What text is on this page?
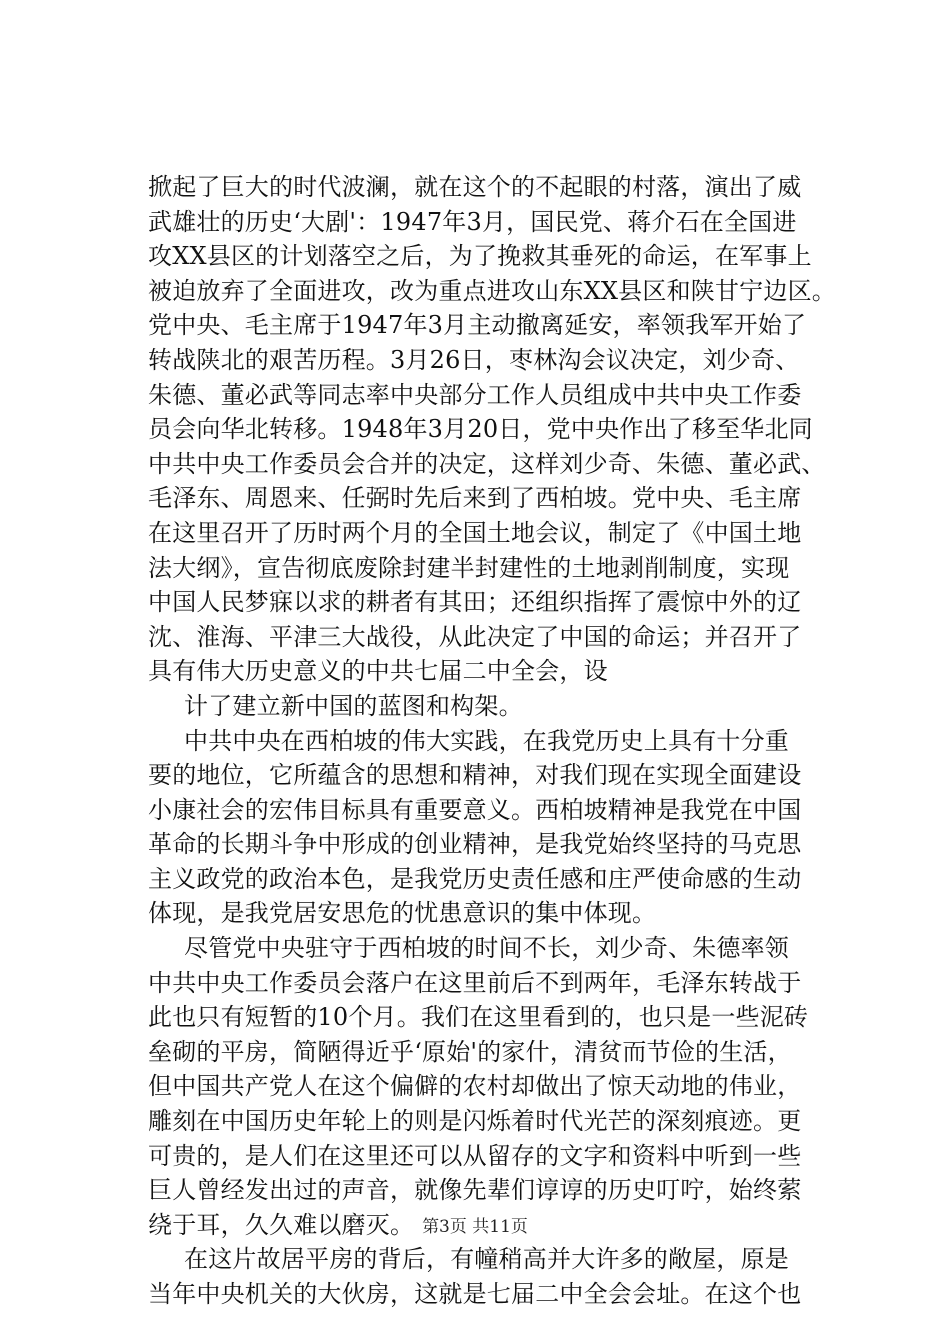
掀起了巨大的时代波澜，就在这个的不起眼的村落，演出了威
武雄壮的历史‘大剧'：1947年3月，国民党、蒋介石在全国进
攻XX县区的计划落空之后，为了挽救其垂死的命运，在军事上
被迫放弃了全面进攻，改为重点进攻山东XX县区和陕甘宁边区。
党中央、毛主席于1947年3月主动撤离延安，率领我军开始了
转战陕北的艰苦历程。3月26日，枣林沟会议决定，刘少奇、
朱德、董必武等同志率中央部分工作人员组成中共中央工作委
员会向华北转移。1948年3月20日，党中央作出了移至华北同
中共中央工作委员会合并的决定，这样刘少奇、朱德、董必武、
毛泽东、周恩来、任弼时先后来到了西柏坡。党中央、毛主席
在这里召开了历时两个月的全国土地会议，制定了《中国土地
法大纲》，宣告彻底废除封建半封建性的土地剥削制度，实现
中国人民梦寐以求的耕者有其田；还组织指挥了震惊中外的辽
沈、淮海、平津三大战役，从此决定了中国的命运；并召开了
具有伟大历史意义的中共七届二中全会，设
计了建立新中国的蓝图和构架。
中共中央在西柏坡的伟大实践，在我党历史上具有十分重
要的地位，它所蕴含的思想和精神，对我们现在实现全面建设
小康社会的宏伟目标具有重要意义。西柏坡精神是我党在中国
革命的长期斗争中形成的创业精神，是我党始终坚持的马克思
主义政党的政治本色，是我党历史责任感和庄严使命感的生动
体现，是我党居安思危的忧患意识的集中体现。
尽管党中央驻守于西柏坡的时间不长，刘少奇、朱德率领
中共中央工作委员会落户在这里前后不到两年，毛泽东转战于
此也只有短暂的10个月。我们在这里看到的，也只是一些泥砖
垒砌的平房，简陋得近乎‘原始'的家什，清贫而节俭的生活，
但中国共产党人在这个偏僻的农村却做出了惊天动地的伟业，
雕刻在中国历史年轮上的则是闪烁着时代光芒的深刻痕迹。更
可贵的，是人们在这里还可以从留存的文字和资料中听到一些
巨人曾经发出过的声音，就像先辈们谆谆的历史叮咛，始终萦
绕于耳，久久难以磨灭。
在这片故居平房的背后，有幢稍高并大许多的敞屋，原是
当年中央机关的大伙房，这就是七届二中全会会址。在这个也
第3页 共11页
